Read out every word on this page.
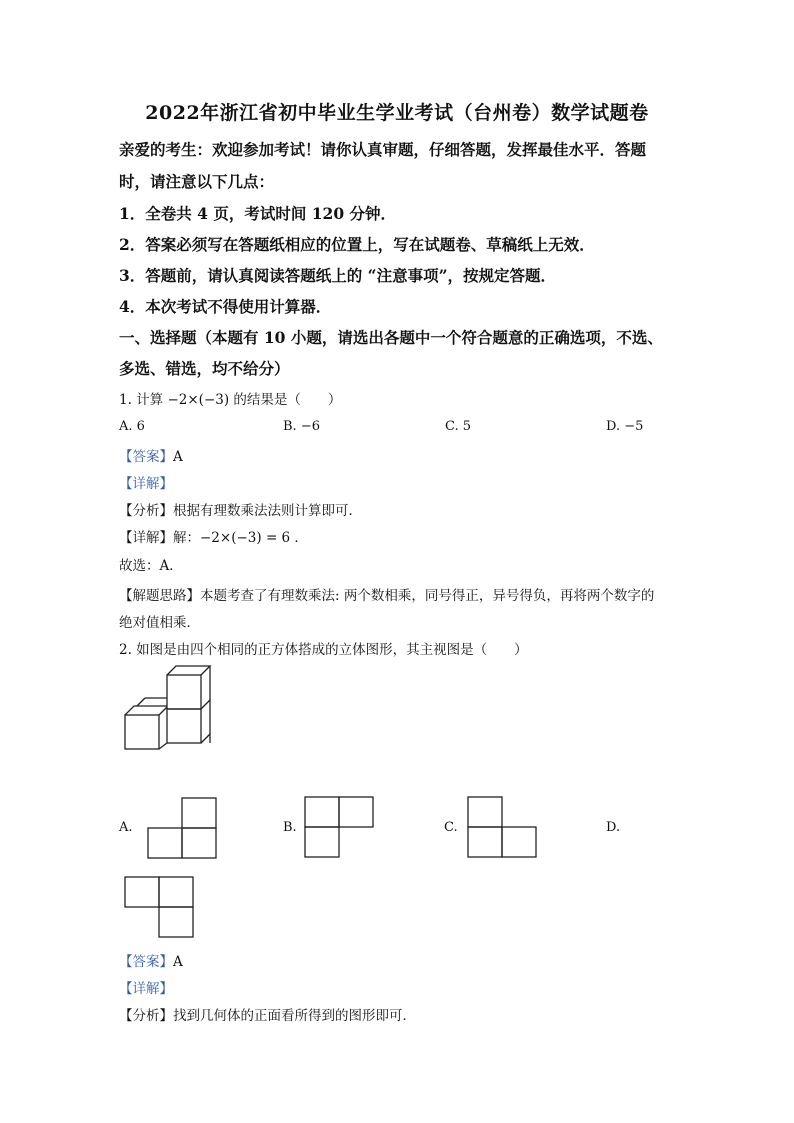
2022年浙江省初中毕业生学业考试（台州卷）数学试题卷
亲爱的考生：欢迎参加考试！请你认真审题，仔细答题，发挥最佳水平．答题
时，请注意以下几点：
1．全卷共 4 页，考试时间 120 分钟．
2．答案必须写在答题纸相应的位置上，写在试题卷、草稿纸上无效．
3．答题前，请认真阅读答题纸上的 “注意事项”，按规定答题．
4．本次考试不得使用计算器．
一、选择题（本题有 10 小题，请选出各题中一个符合题意的正确选项，不选、
多选、错选，均不给分）
1. 计算 −2×(−3) 的结果是（　　）
A. 6	B. −6	C. 5	D. −5
【答案】A
【详解】
【分析】根据有理数乘法法则计算即可．
【详解】解：−2×(−3) = 6 ．
故选：A．
【解题思路】本题考查了有理数乘法: 两个数相乘，同号得正，异号得负，再将两个数字的
绝对值相乘．
2. 如图是由四个相同的正方体搭成的立体图形，其主视图是（　　）
A.	B.	C.	D.
【答案】A
【详解】
【分析】找到几何体的正面看所得到的图形即可．
